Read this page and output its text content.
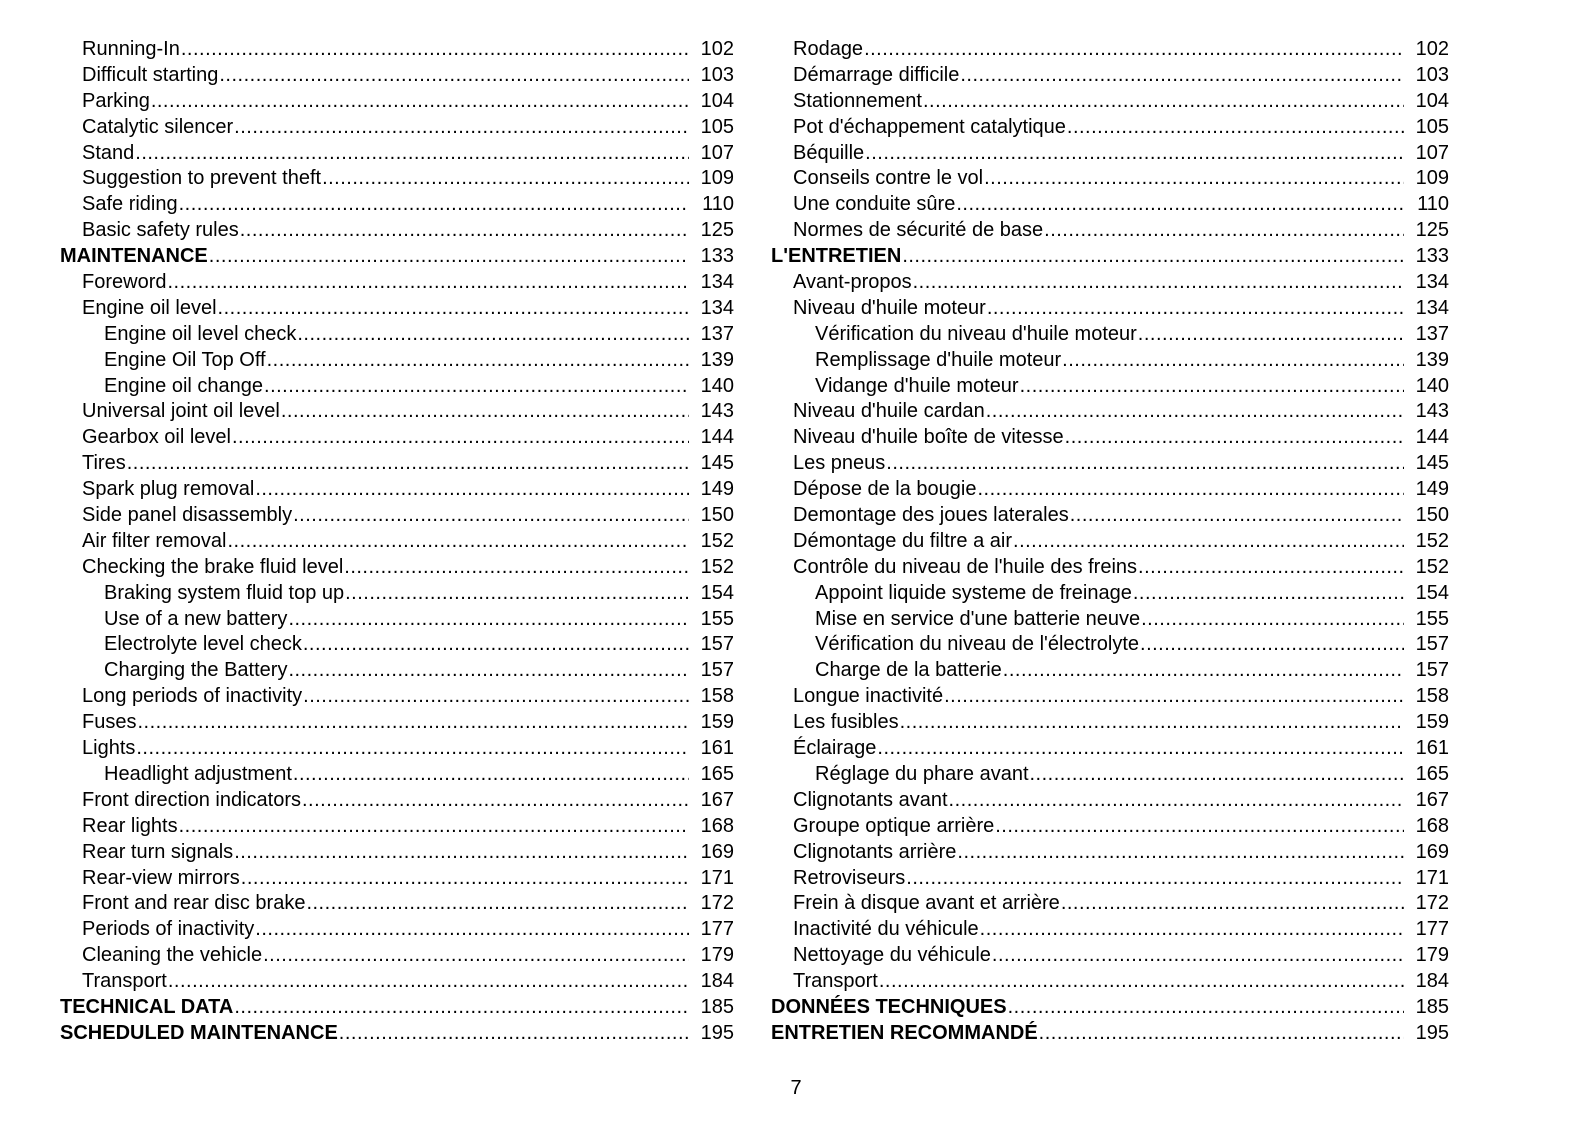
Running-In .....	102
Difficult starting .....	103
Parking .....	104
Catalytic silencer .....	105
Stand .....	107
Suggestion to prevent theft .....	109
Safe riding .....	110
Basic safety rules .....	125
MAINTENANCE .....	133
Foreword .....	134
Engine oil level .....	134
Engine oil level check .....	137
Engine Oil Top Off .....	139
Engine oil change .....	140
Universal joint oil level .....	143
Gearbox oil level .....	144
Tires .....	145
Spark plug removal .....	149
Side panel disassembly .....	150
Air filter removal .....	152
Checking the brake fluid level .....	152
Braking system fluid top up .....	154
Use of a new battery .....	155
Electrolyte level check .....	157
Charging the Battery .....	157
Long periods of inactivity .....	158
Fuses .....	159
Lights .....	161
Headlight adjustment .....	165
Front direction indicators .....	167
Rear lights .....	168
Rear turn signals .....	169
Rear-view mirrors .....	171
Front and rear disc brake .....	172
Periods of inactivity .....	177
Cleaning the vehicle .....	179
Transport .....	184
TECHNICAL DATA .....	185
SCHEDULED MAINTENANCE .....	195
Rodage .....	102
Démarrage difficile .....	103
Stationnement .....	104
Pot d'échappement catalytique .....	105
Béquille .....	107
Conseils contre le vol .....	109
Une conduite sûre .....	110
Normes de sécurité de base .....	125
L'ENTRETIEN .....	133
Avant-propos .....	134
Niveau d'huile moteur .....	134
Vérification du niveau d'huile moteur .....	137
Remplissage d'huile moteur .....	139
Vidange d'huile moteur .....	140
Niveau d'huile cardan .....	143
Niveau d'huile boîte de vitesse .....	144
Les pneus .....	145
Dépose de la bougie .....	149
Demontage des joues laterales .....	150
Démontage du filtre a air .....	152
Contrôle du niveau de l'huile des freins .....	152
Appoint liquide systeme de freinage .....	154
Mise en service d'une batterie neuve .....	155
Vérification du niveau de l'électrolyte .....	157
Charge de la batterie .....	157
Longue inactivité .....	158
Les fusibles .....	159
Éclairage .....	161
Réglage du phare avant .....	165
Clignotants avant .....	167
Groupe optique arrière .....	168
Clignotants arrière .....	169
Retroviseurs .....	171
Frein à disque avant et arrière .....	172
Inactivité du véhicule .....	177
Nettoyage du véhicule .....	179
Transport .....	184
DONNÉES TECHNIQUES .....	185
ENTRETIEN RECOMMANDÉ .....	195
7
